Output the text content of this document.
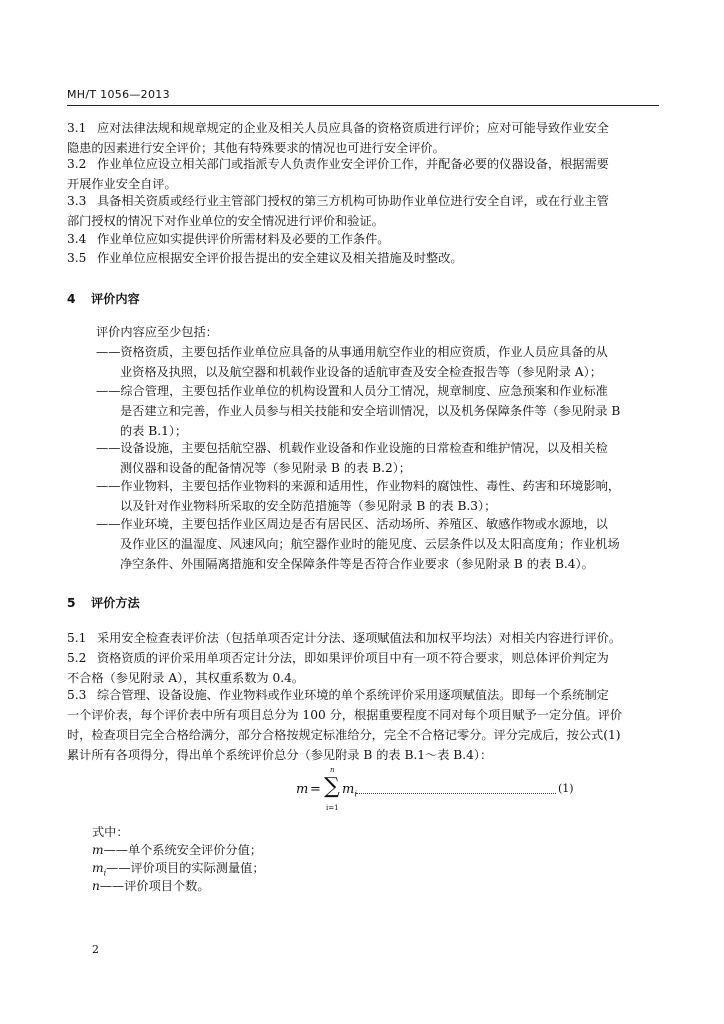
MH/T 1056—2013
3.1 应对法律法规和规章规定的企业及相关人员应具备的资格资质进行评价；应对可能导致作业安全
隐患的因素进行安全评价；其他有特殊要求的情况也可进行安全评价。
3.2 作业单位应设立相关部门或指派专人负责作业安全评价工作，并配备必要的仪器设备，根据需要
开展作业安全自评。
3.3 具备相关资质或经行业主管部门授权的第三方机构可协助作业单位进行安全自评，或在行业主管
部门授权的情况下对作业单位的安全情况进行评价和验证。
3.4 作业单位应如实提供评价所需材料及必要的工作条件。
3.5 作业单位应根据安全评价报告提出的安全建议及相关措施及时整改。
4 评价内容
评价内容应至少包括：
——资格资质，主要包括作业单位应具备的从事通用航空作业的相应资质，作业人员应具备的从
业资格及执照，以及航空器和机载作业设备的适航审查及安全检查报告等（参见附录 A）；
——综合管理，主要包括作业单位的机构设置和人员分工情况，规章制度、应急预案和作业标准
是否建立和完善，作业人员参与相关技能和安全培训情况，以及机务保障条件等（参见附录 B
的表 B.1）；
——设备设施，主要包括航空器、机载作业设备和作业设施的日常检查和维护情况，以及相关检
测仪器和设备的配备情况等（参见附录 B 的表 B.2）；
——作业物料，主要包括作业物料的来源和适用性，作业物料的腐蚀性、毒性、药害和环境影响，
以及针对作业物料所采取的安全防范措施等（参见附录 B 的表 B.3）；
——作业环境，主要包括作业区周边是否有居民区、活动场所、养殖区、敏感作物或水源地，以
及作业区的温湿度、风速风向；航空器作业时的能见度、云层条件以及太阳高度角；作业机场
净空条件、外围隔离措施和安全保障条件等是否符合作业要求（参见附录 B 的表 B.4）。
5 评价方法
5.1 采用安全检查表评价法（包括单项否定计分法、逐项赋值法和加权平均法）对相关内容进行评价。
5.2 资格资质的评价采用单项否定计分法，即如果评价项目中有一项不符合要求，则总体评价判定为
不合格（参见附录 A），其权重系数为 0.4。
5.3 综合管理、设备设施、作业物料或作业环境的单个系统评价采用逐项赋值法。即每一个系统制定
一个评价表，每个评价表中所有项目总分为 100 分，根据重要程度不同对每个项目赋予一定分值。评价
时，检查项目完全合格给满分，部分合格按规定标准给分，完全不合格记零分。评分完成后，按公式(1)
累计所有各项得分，得出单个系统评价总分（参见附录 B 的表 B.1～表 B.4）：
m = ∑
n
i=1
$m_i$	(1)
式中：
m——单个系统安全评价分值；
$m_i——$评价项目的实际测量值；
n——评价项目个数。
2
